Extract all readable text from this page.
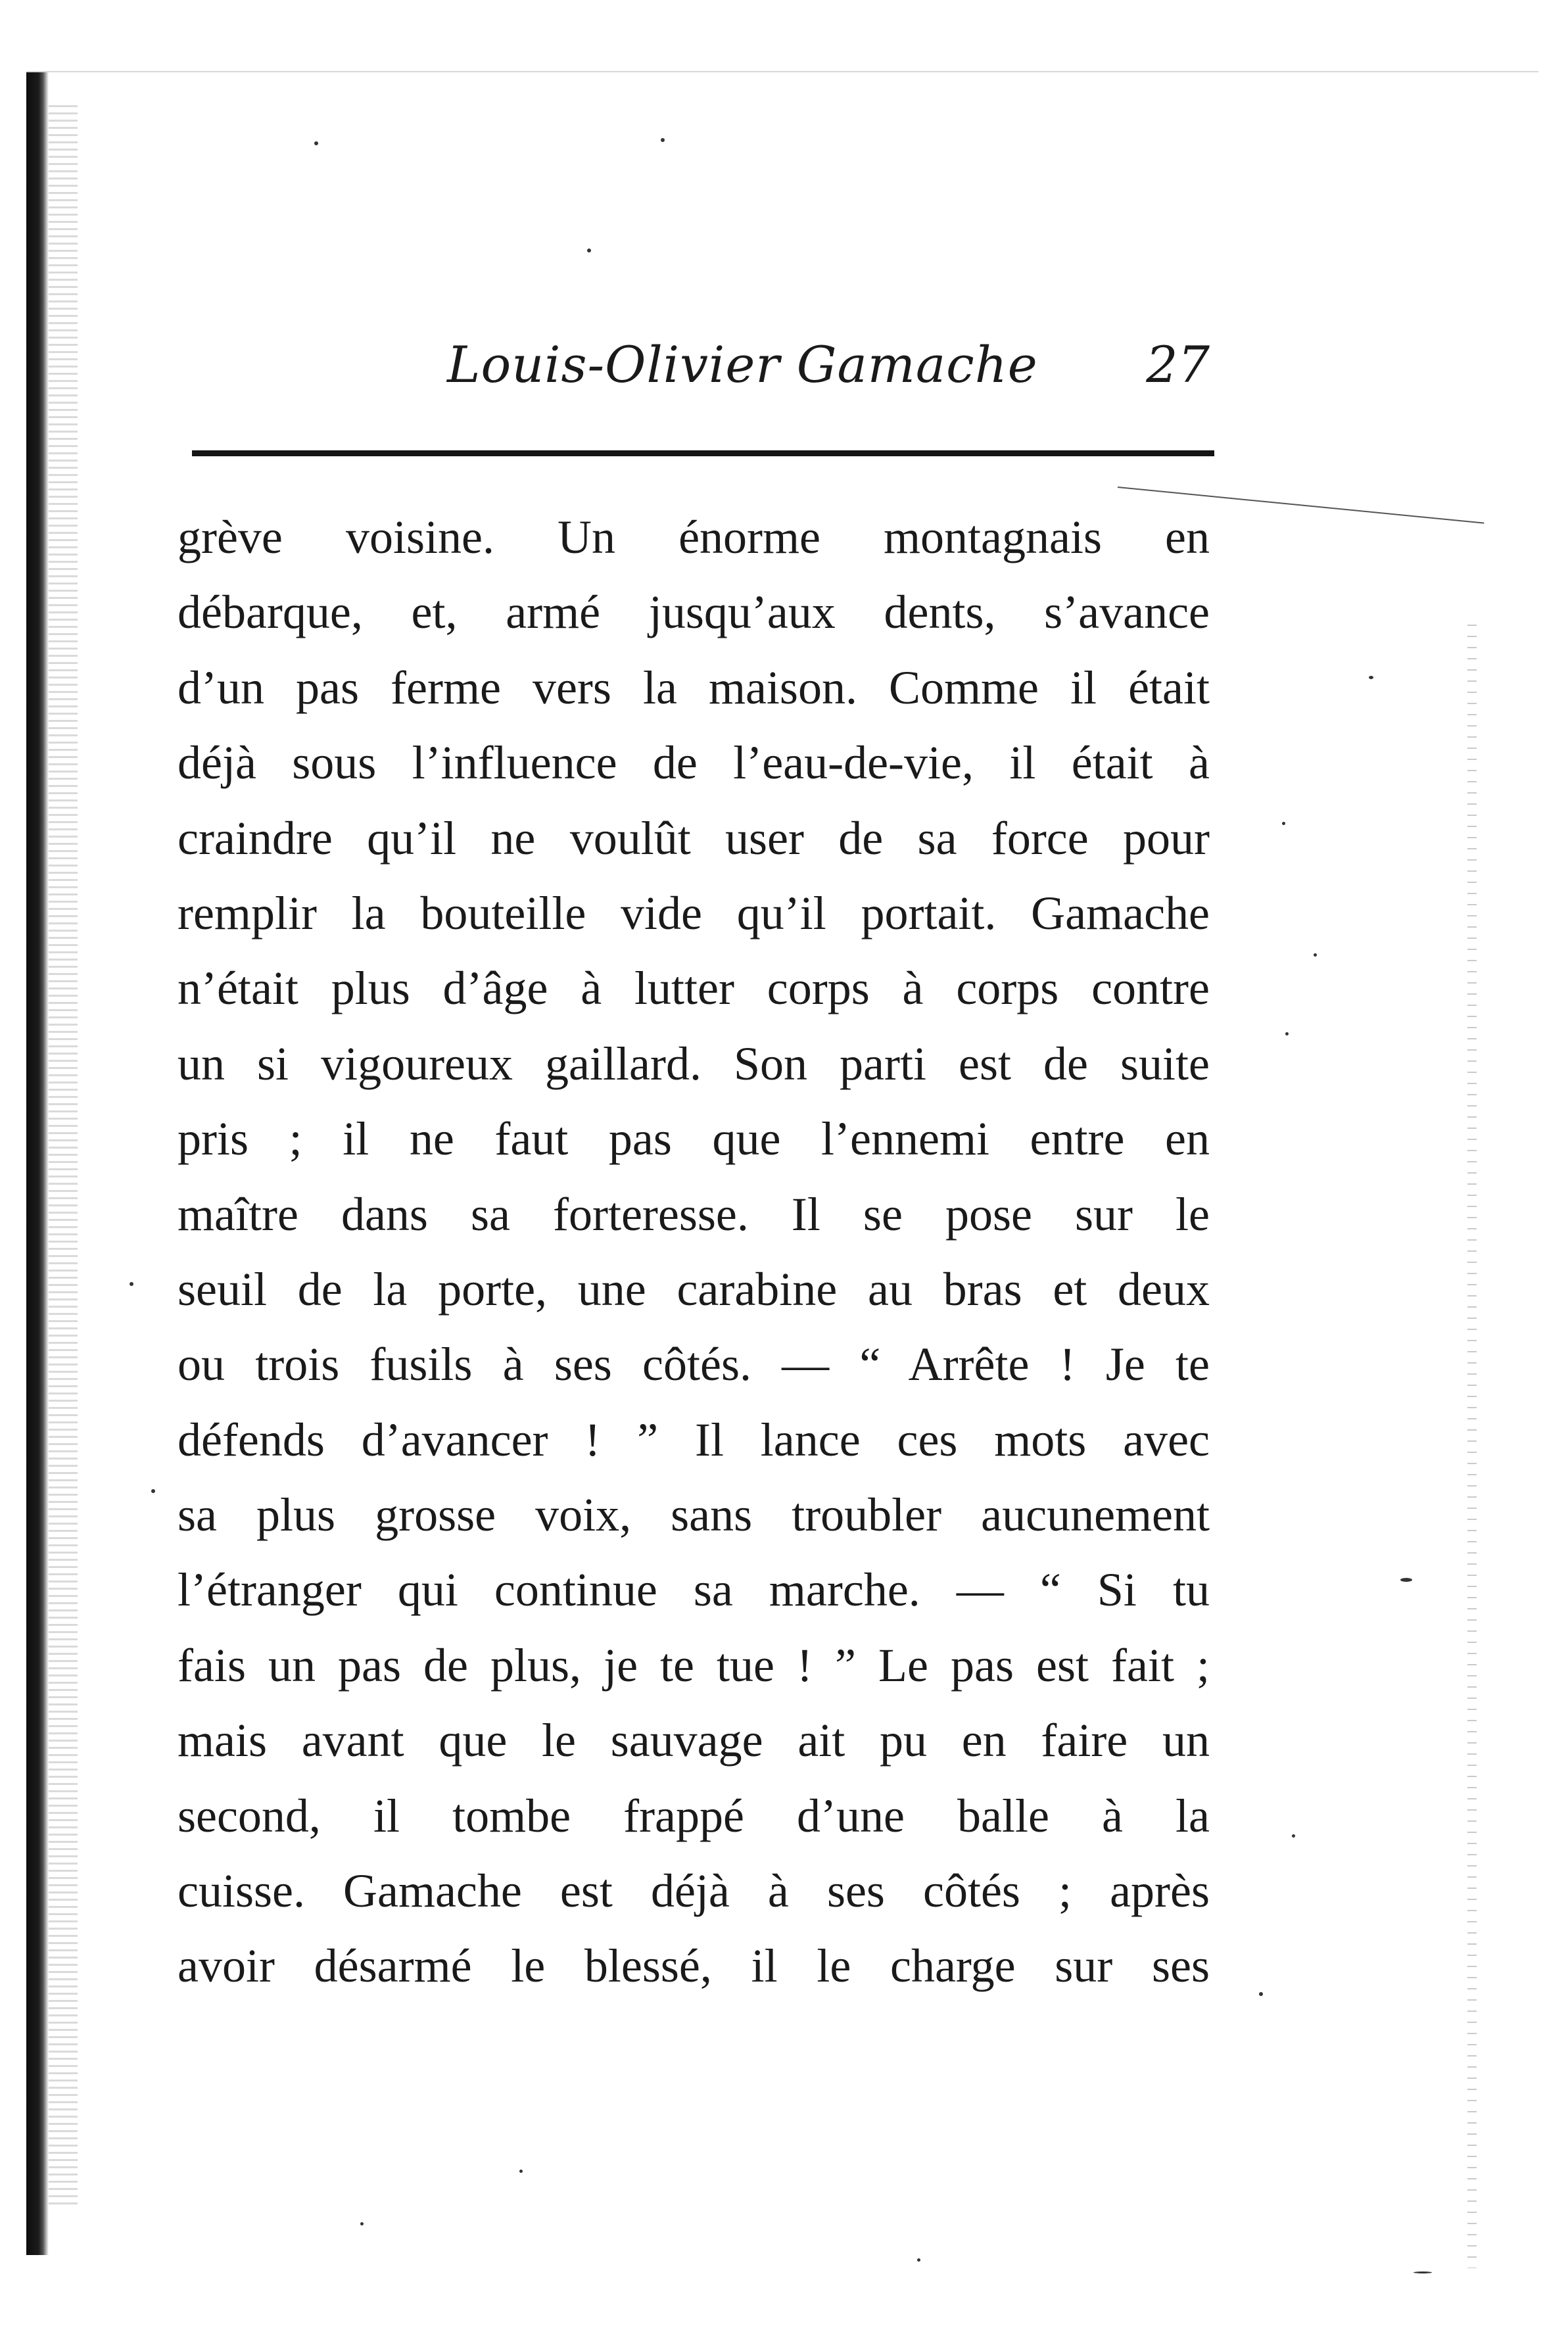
Louis-Olivier Gamache 27
grève voisine. Un énorme montagnais en
débarque, et, armé jusqu’aux dents, s’avance
d’un pas ferme vers la maison. Comme il était
déjà sous l’influence de l’eau-de-vie, il était à
craindre qu’il ne voulût user de sa force pour
remplir la bouteille vide qu’il portait. Gamache
n’était plus d’âge à lutter corps à corps contre
un si vigoureux gaillard. Son parti est de suite
pris ; il ne faut pas que l’ennemi entre en
maître dans sa forteresse. Il se pose sur le
seuil de la porte, une carabine au bras et deux
ou trois fusils à ses côtés. — “ Arrête ! Je te
défends d’avancer ! ” Il lance ces mots avec
sa plus grosse voix, sans troubler aucunement
l’étranger qui continue sa marche. — “ Si tu
fais un pas de plus, je te tue ! ” Le pas est fait ;
mais avant que le sauvage ait pu en faire un
second, il tombe frappé d’une balle à la
cuisse. Gamache est déjà à ses côtés ; après
avoir désarmé le blessé, il le charge sur ses
